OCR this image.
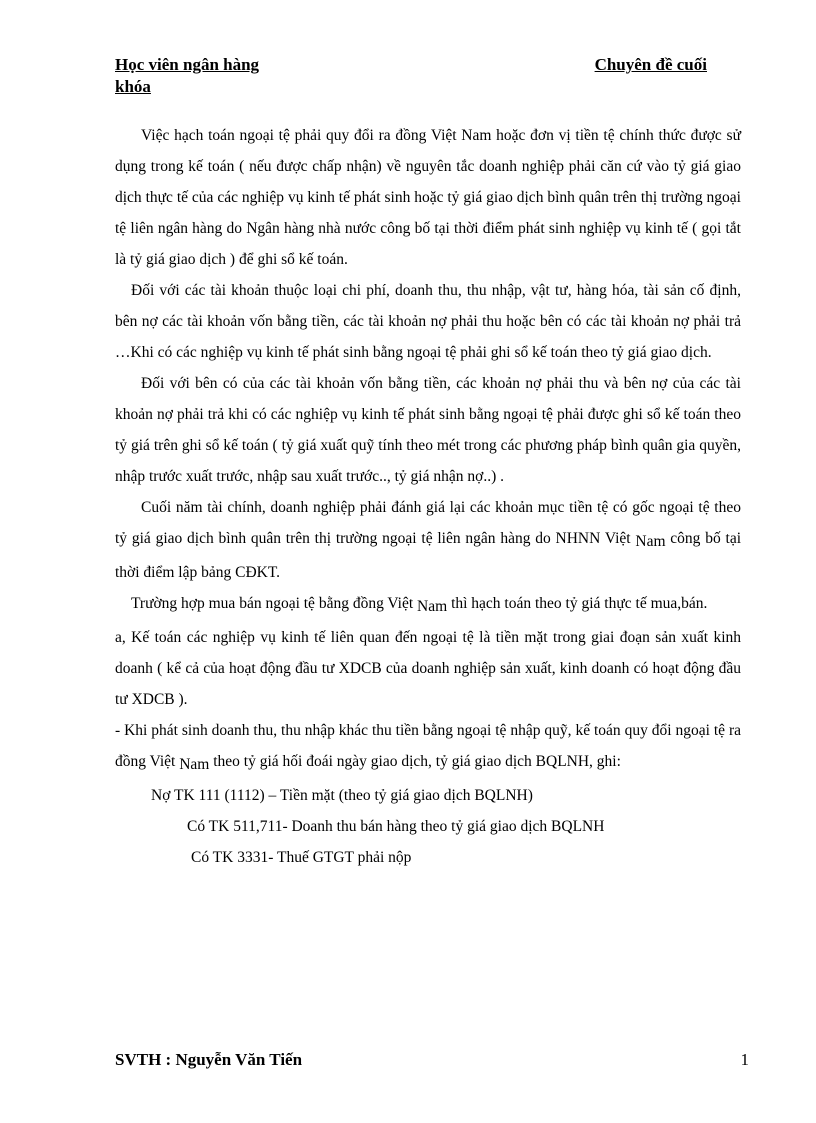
Học viên ngân hàng	Chuyên đề cuối
khóa

Việc hạch toán ngoại tệ phải quy đổi ra đồng Việt Nam hoặc đơn vị tiền tệ chính thức được sử dụng trong kế toán ( nếu được chấp nhận) về nguyên tắc doanh nghiệp phải căn cứ vào tỷ giá giao dịch thực tế của các nghiệp vụ kinh tế phát sinh hoặc tỷ giá giao dịch bình quân trên thị trường ngoại tệ liên ngân hàng do Ngân hàng nhà nước công bố tại thời điểm phát sinh nghiệp vụ kinh tế ( gọi tắt là tỷ giá giao dịch ) để ghi sổ kế toán.

Đối với các tài khoản thuộc loại chi phí, doanh thu, thu nhập, vật tư, hàng hóa, tài sản cố định, bên nợ các tài khoản vốn bằng tiền, các tài khoản nợ phải thu hoặc bên có các tài khoản nợ phải trả …Khi có các nghiệp vụ kinh tế phát sinh bằng ngoại tệ phải ghi sổ kế toán theo tỷ giá giao dịch.

Đối với bên có của các tài khoản vốn bằng tiền, các khoản nợ phải thu và bên nợ của các tài khoản nợ phải trả khi có các nghiệp vụ kinh tế phát sinh bằng ngoại tệ phải được ghi sổ kế toán theo tỷ giá trên ghi sổ kế toán ( tỷ giá xuất quỹ tính theo mét trong các phương pháp bình quân gia quyền, nhập trước xuất trước, nhập sau xuất trước.., tỷ giá nhận nợ..) .

Cuối năm tài chính, doanh nghiệp phải đánh giá lại các khoản mục tiền tệ có gốc ngoại tệ theo tỷ giá giao dịch bình quân trên thị trường ngoại tệ liên ngân hàng do NHNN Việt Nam công bố tại thời điểm lập bảng CĐKT.

Trường hợp mua bán ngoại tệ bằng đồng Việt Nam thì hạch toán theo tỷ giá thực tế mua,bán.

a, Kế toán các nghiệp vụ kinh tế liên quan đến ngoại tệ là tiền mặt trong giai đoạn sản xuất kinh doanh ( kể cả của hoạt động đầu tư XDCB của doanh nghiệp sản xuất, kinh doanh có hoạt động đầu tư XDCB ).

- Khi phát sinh doanh thu, thu nhập khác thu tiền bằng ngoại tệ nhập quỹ, kế toán quy đổi ngoại tệ ra đồng Việt Nam theo tỷ giá hối đoái ngày giao dịch, tỷ giá giao dịch BQLNH, ghi:

Nợ TK 111 (1112) – Tiền mặt (theo tỷ giá giao dịch BQLNH)

Có TK 511,711- Doanh thu bán hàng theo tỷ giá giao dịch BQLNH

Có TK 3331- Thuế GTGT phải nộp

SVTH : Nguyễn Văn Tiến	1
